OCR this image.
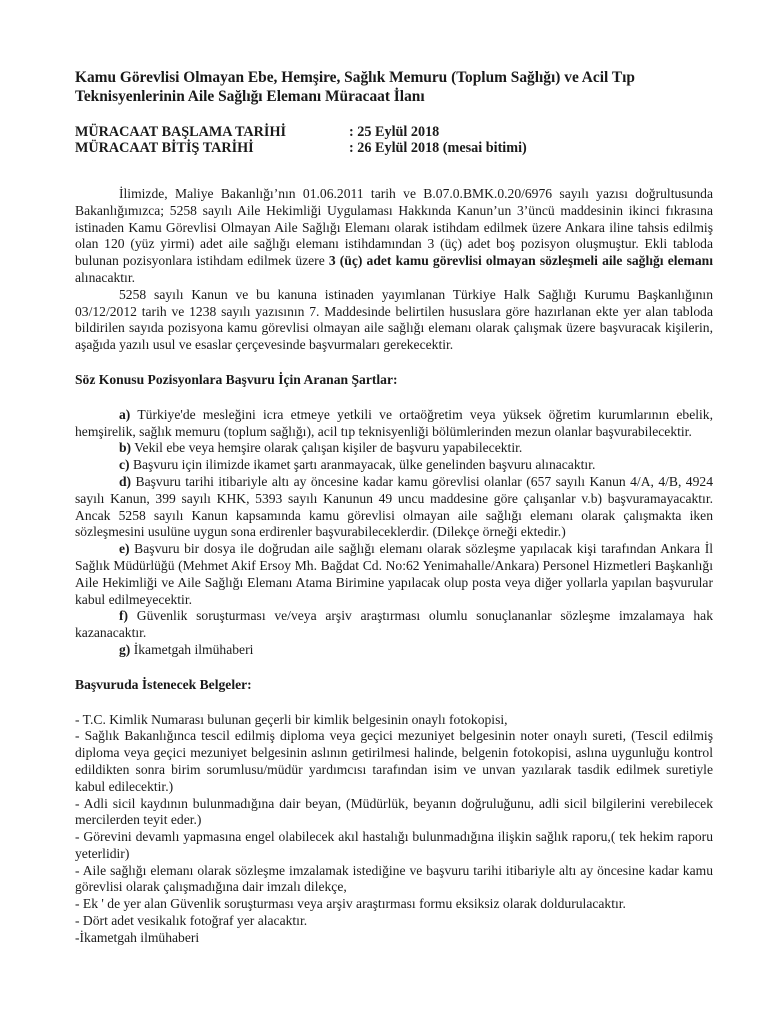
Kamu Görevlisi Olmayan Ebe, Hemşire, Sağlık Memuru (Toplum Sağlığı) ve Acil Tıp Teknisyenlerinin Aile Sağlığı Elemanı Müracaat İlanı
MÜRACAAT BAŞLAMA TARİHİ	: 25 Eylül 2018
MÜRACAAT BİTİŞ TARİHİ	: 26 Eylül 2018 (mesai bitimi)

İlimizde, Maliye Bakanlığı’nın 01.06.2011 tarih ve B.07.0.BMK.0.20/6976 sayılı yazısı doğrultusunda Bakanlığımızca; 5258 sayılı Aile Hekimliği Uygulaması Hakkında Kanun’un 3’üncü maddesinin ikinci fıkrasına istinaden Kamu Görevlisi Olmayan Aile Sağlığı Elemanı olarak istihdam edilmek üzere Ankara iline tahsis edilmiş olan 120 (yüz yirmi) adet aile sağlığı elemanı istihdamından 3 (üç) adet boş pozisyon oluşmuştur. Ekli tabloda bulunan pozisyonlara istihdam edilmek üzere 3 (üç) adet kamu görevlisi olmayan sözleşmeli aile sağlığı elemanı alınacaktır.

5258 sayılı Kanun ve bu kanuna istinaden yayımlanan Türkiye Halk Sağlığı Kurumu Başkanlığının 03/12/2012 tarih ve 1238 sayılı yazısının 7. Maddesinde belirtilen hususlara göre hazırlanan ekte yer alan tabloda bildirilen sayıda pozisyona kamu görevlisi olmayan aile sağlığı elemanı olarak çalışmak üzere başvuracak kişilerin, aşağıda yazılı usul ve esaslar çerçevesinde başvurmaları gerekecektir.

Söz Konusu Pozisyonlara Başvuru İçin Aranan Şartlar:

a) Türkiye'de mesleğini icra etmeye yetkili ve ortaöğretim veya yüksek öğretim kurumlarının ebelik, hemşirelik, sağlık memuru (toplum sağlığı), acil tıp teknisyenliği bölümlerinden mezun olanlar başvurabilecektir.

b) Vekil ebe veya hemşire olarak çalışan kişiler de başvuru yapabilecektir.

c) Başvuru için ilimizde ikamet şartı aranmayacak, ülke genelinden başvuru alınacaktır.

d) Başvuru tarihi itibariyle altı ay öncesine kadar kamu görevlisi olanlar (657 sayılı Kanun 4/A, 4/B, 4924 sayılı Kanun, 399 sayılı KHK, 5393 sayılı Kanunun 49 uncu maddesine göre çalışanlar v.b) başvuramayacaktır. Ancak 5258 sayılı Kanun kapsamında kamu görevlisi olmayan aile sağlığı elemanı olarak çalışmakta iken sözleşmesini usulüne uygun sona erdirenler başvurabileceklerdir. (Dilekçe örneği ektedir.)

e) Başvuru bir dosya ile doğrudan aile sağlığı elemanı olarak sözleşme yapılacak kişi tarafından Ankara İl Sağlık Müdürlüğü (Mehmet Akif Ersoy Mh. Bağdat Cd. No:62 Yenimahalle/Ankara) Personel Hizmetleri Başkanlığı Aile Hekimliği ve Aile Sağlığı Elemanı Atama Birimine yapılacak olup posta veya diğer yollarla yapılan başvurular kabul edilmeyecektir.

f) Güvenlik soruşturması ve/veya arşiv araştırması olumlu sonuçlananlar sözleşme imzalamaya hak kazanacaktır.

g) İkametgah ilmühaberi

Başvuruda İstenecek Belgeler:

- T.C. Kimlik Numarası bulunan geçerli bir kimlik belgesinin onaylı fotokopisi,

- Sağlık Bakanlığınca tescil edilmiş diploma veya geçici mezuniyet belgesinin noter onaylı sureti, (Tescil edilmiş diploma veya geçici mezuniyet belgesinin aslının getirilmesi halinde, belgenin fotokopisi, aslına uygunluğu kontrol edildikten sonra birim sorumlusu/müdür yardımcısı tarafından isim ve unvan yazılarak tasdik edilmek suretiyle kabul edilecektir.)

- Adli sicil kaydının bulunmadığına dair beyan, (Müdürlük, beyanın doğruluğunu, adli sicil bilgilerini verebilecek mercilerden teyit eder.)

- Görevini devamlı yapmasına engel olabilecek akıl hastalığı bulunmadığına ilişkin sağlık raporu,( tek hekim raporu yeterlidir)

- Aile sağlığı elemanı olarak sözleşme imzalamak istediğine ve başvuru tarihi itibariyle altı ay öncesine kadar kamu görevlisi olarak çalışmadığına dair imzalı dilekçe,

- Ek ' de yer alan Güvenlik soruşturması veya arşiv araştırması formu eksiksiz olarak doldurulacaktır.

- Dört adet vesikalık fotoğraf yer alacaktır.

-İkametgah ilmühaberi
